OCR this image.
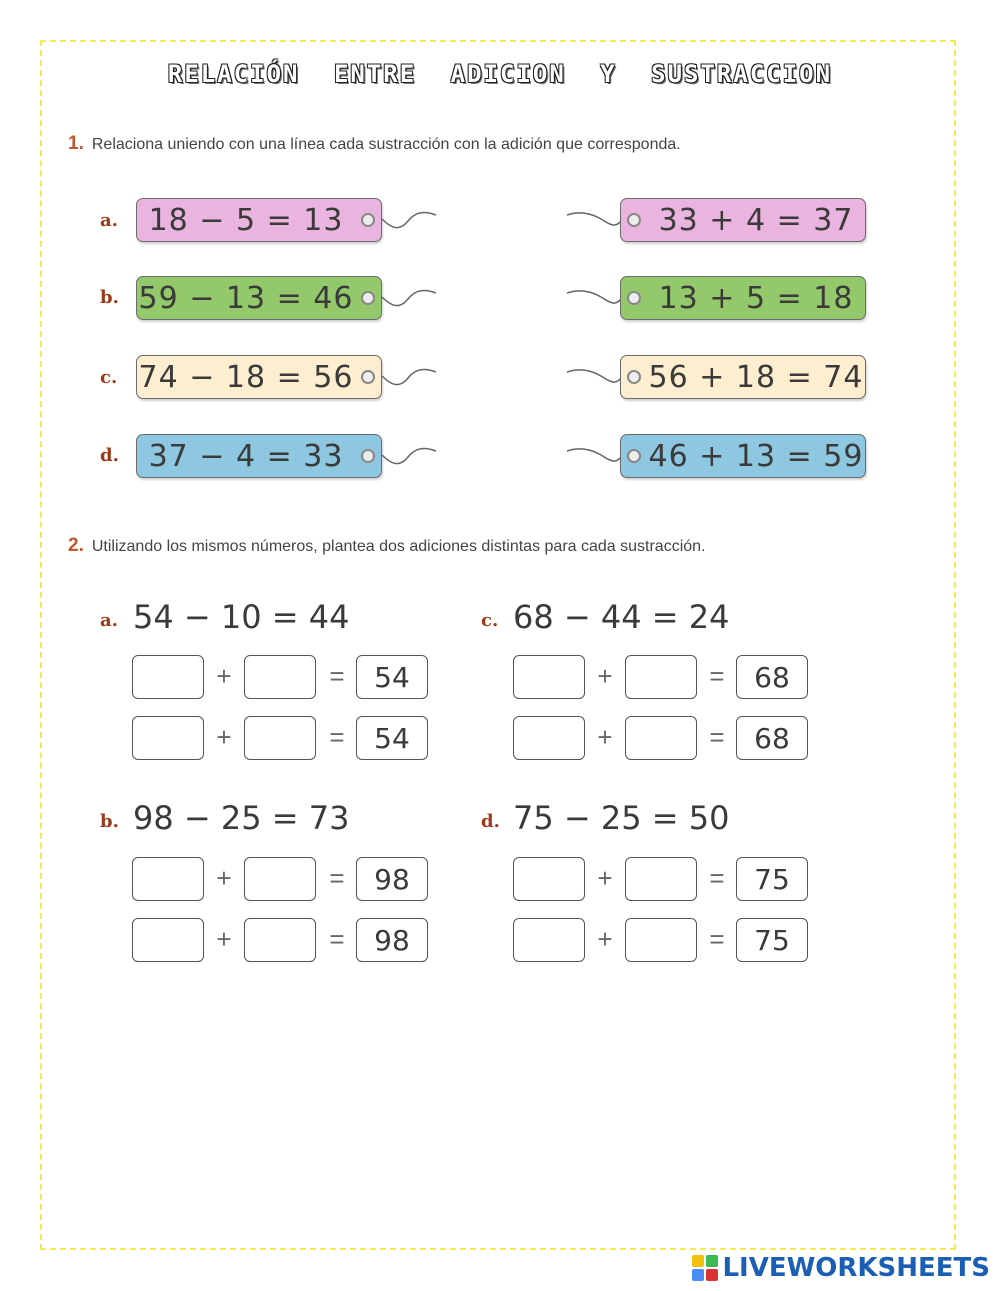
RELACIÓN ENTRE ADICION Y SUSTRACCION
1. Relaciona uniendo con una línea cada sustracción con la adición que corresponda.
a. 18 − 5 = 13	33 + 4 = 37
b. 59 − 13 = 46	13 + 5 = 18
c. 74 − 18 = 56	56 + 18 = 74
d. 37 − 4 = 33	46 + 13 = 59
2. Utilizando los mismos números, plantea dos adiciones distintas para cada sustracción.
a. 54 − 10 = 44
+	=	54
+	=	54
c. 68 − 44 = 24
+	=	68
+	=	68
b. 98 − 25 = 73
+	=	98
+	=	98
d. 75 − 25 = 50
+	=	75
+	=	75
LIVEWORKSHEETS
